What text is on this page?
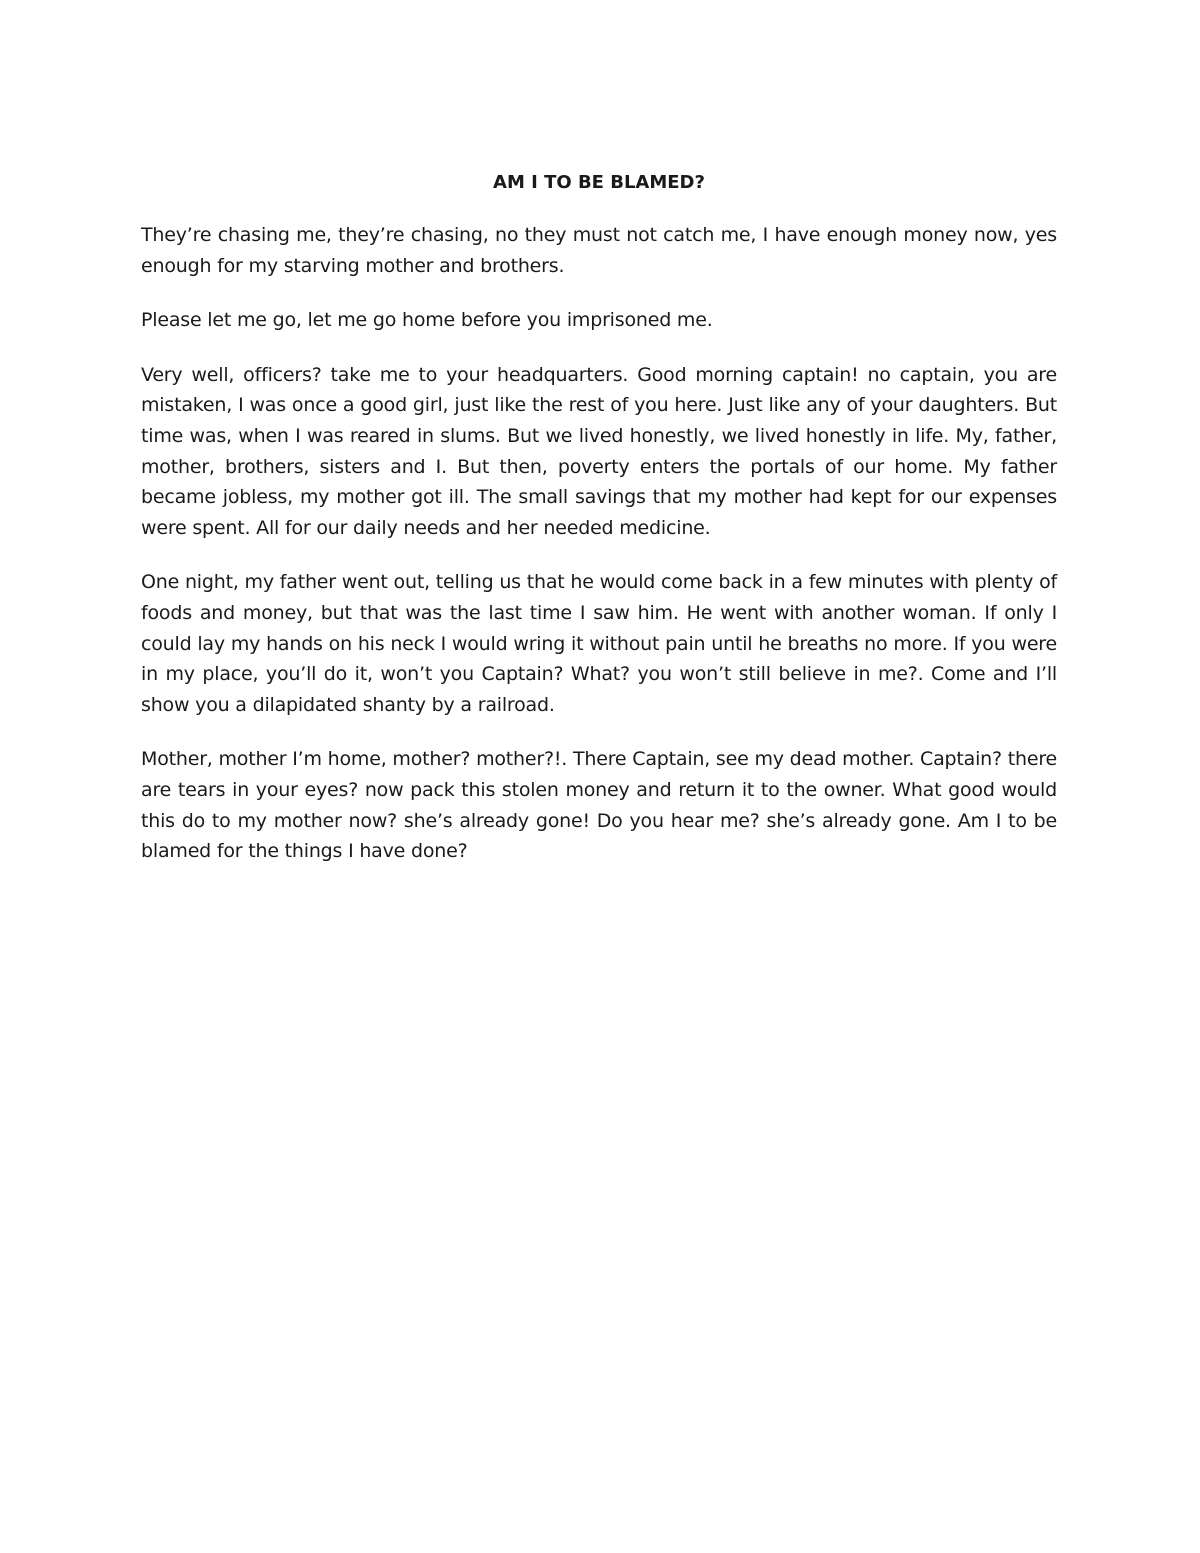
AM I TO BE BLAMED?

They’re chasing me, they’re chasing, no they must not catch me, I have enough money now, yes enough for my starving mother and brothers.

Please let me go, let me go home before you imprisoned me.

Very well, officers? take me to your headquarters. Good morning captain! no captain, you are mistaken, I was once a good girl, just like the rest of you here. Just like any of your daughters. But time was, when I was reared in slums. But we lived honestly, we lived honestly in life. My, father, mother, brothers, sisters and I. But then, poverty enters the portals of our home. My father became jobless, my mother got ill. The small savings that my mother had kept for our expenses were spent. All for our daily needs and her needed medicine.

One night, my father went out, telling us that he would come back in a few minutes with plenty of foods and money, but that was the last time I saw him. He went with another woman. If only I could lay my hands on his neck I would wring it without pain until he breaths no more. If you were in my place, you’ll do it, won’t you Captain? What? you won’t still believe in me?. Come and I’ll show you a dilapidated shanty by a railroad.

Mother, mother I’m home, mother? mother?!. There Captain, see my dead mother. Captain? there are tears in your eyes? now pack this stolen money and return it to the owner. What good would this do to my mother now? she’s already gone! Do you hear me? she’s already gone. Am I to be blamed for the things I have done?
